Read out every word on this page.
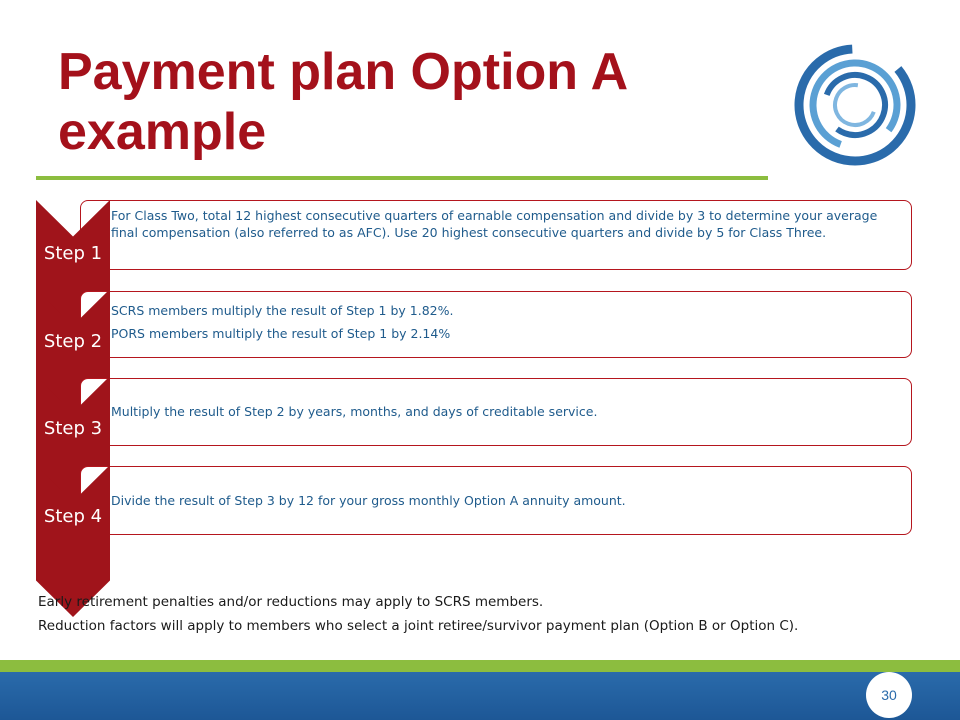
Payment plan Option A example
• For Class Two, total 12 highest consecutive quarters of earnable compensation and divide by 3 to determine your average final compensation (also referred to as AFC). Use 20 highest consecutive quarters and divide by 5 for Class Three.
Step 1
• SCRS members multiply the result of Step 1 by 1.82%.
• PORS members multiply the result of Step 1 by 2.14%
Step 2
• Multiply the result of Step 2 by years, months, and days of creditable service.
Step 3
• Divide the result of Step 3 by 12 for your gross monthly Option A annuity amount.
Step 4
Early retirement penalties and/or reductions may apply to SCRS members.
Reduction factors will apply to members who select a joint retiree/survivor payment plan (Option B or Option C).
30
